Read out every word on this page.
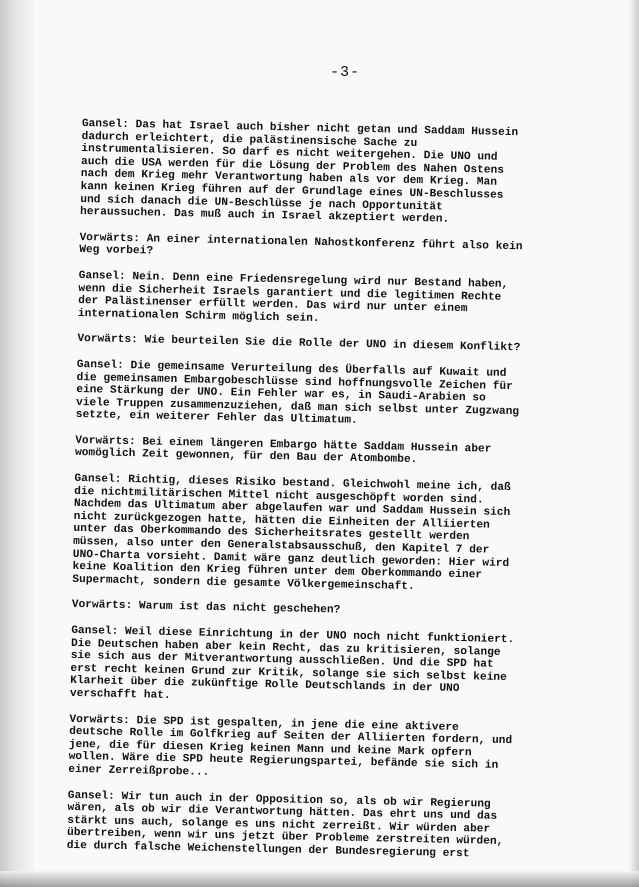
-3-

Gansel: Das hat Israel auch bisher nicht getan und Saddam Hussein
dadurch erleichtert, die palästinensische Sache zu
instrumentalisieren. So darf es nicht weitergehen. Die UNO und
auch die USA werden für die Lösung der Problem des Nahen Ostens
nach dem Krieg mehr Verantwortung haben als vor dem Krieg. Man
kann keinen Krieg führen auf der Grundlage eines UN-Beschlusses
und sich danach die UN-Beschlüsse je nach Opportunität
heraussuchen. Das muß auch in Israel akzeptiert werden.

Vorwärts: An einer internationalen Nahostkonferenz führt also kein
Weg vorbei?

Gansel: Nein. Denn eine Friedensregelung wird nur Bestand haben,
wenn die Sicherheit Israels garantiert und die legitimen Rechte
der Palästinenser erfüllt werden. Das wird nur unter einem
internationalen Schirm möglich sein.

Vorwärts: Wie beurteilen Sie die Rolle der UNO in diesem Konflikt?

Gansel: Die gemeinsame Verurteilung des Überfalls auf Kuwait und
die gemeinsamen Embargobeschlüsse sind hoffnungsvolle Zeichen für
eine Stärkung der UNO. Ein Fehler war es, in Saudi-Arabien so
viele Truppen zusammenzuziehen, daß man sich selbst unter Zugzwang
setzte, ein weiterer Fehler das Ultimatum.

Vorwärts: Bei einem längeren Embargo hätte Saddam Hussein aber
womöglich Zeit gewonnen, für den Bau der Atombombe.

Gansel: Richtig, dieses Risiko bestand. Gleichwohl meine ich, daß
die nichtmilitärischen Mittel nicht ausgeschöpft worden sind.
Nachdem das Ultimatum aber abgelaufen war und Saddam Hussein sich
nicht zurückgezogen hatte, hätten die Einheiten der Alliierten
unter das Oberkommando des Sicherheitsrates gestellt werden
müssen, also unter den Generalstabsausschuß, den Kapitel 7 der
UNO-Charta vorsieht. Damit wäre ganz deutlich geworden: Hier wird
keine Koalition den Krieg führen unter dem Oberkommando einer
Supermacht, sondern die gesamte Völkergemeinschaft.

Vorwärts: Warum ist das nicht geschehen?

Gansel: Weil diese Einrichtung in der UNO noch nicht funktioniert.
Die Deutschen haben aber kein Recht, das zu kritisieren, solange
sie sich aus der Mitverantwortung ausschließen. Und die SPD hat
erst recht keinen Grund zur Kritik, solange sie sich selbst keine
Klarheit über die zukünftige Rolle Deutschlands in der UNO
verschafft hat.

Vorwärts: Die SPD ist gespalten, in jene die eine aktivere
deutsche Rolle im Golfkrieg auf Seiten der Alliierten fordern, und
jene, die für diesen Krieg keinen Mann und keine Mark opfern
wollen. Wäre die SPD heute Regierungspartei, befände sie sich in
einer Zerreißprobe...

Gansel: Wir tun auch in der Opposition so, als ob wir Regierung
wären, als ob wir die Verantwortung hätten. Das ehrt uns und das
stärkt uns auch, solange es uns nicht zerreißt. Wir würden aber
übertreiben, wenn wir uns jetzt über Probleme zerstreiten würden,
die durch falsche Weichenstellungen der Bundesregierung erst
